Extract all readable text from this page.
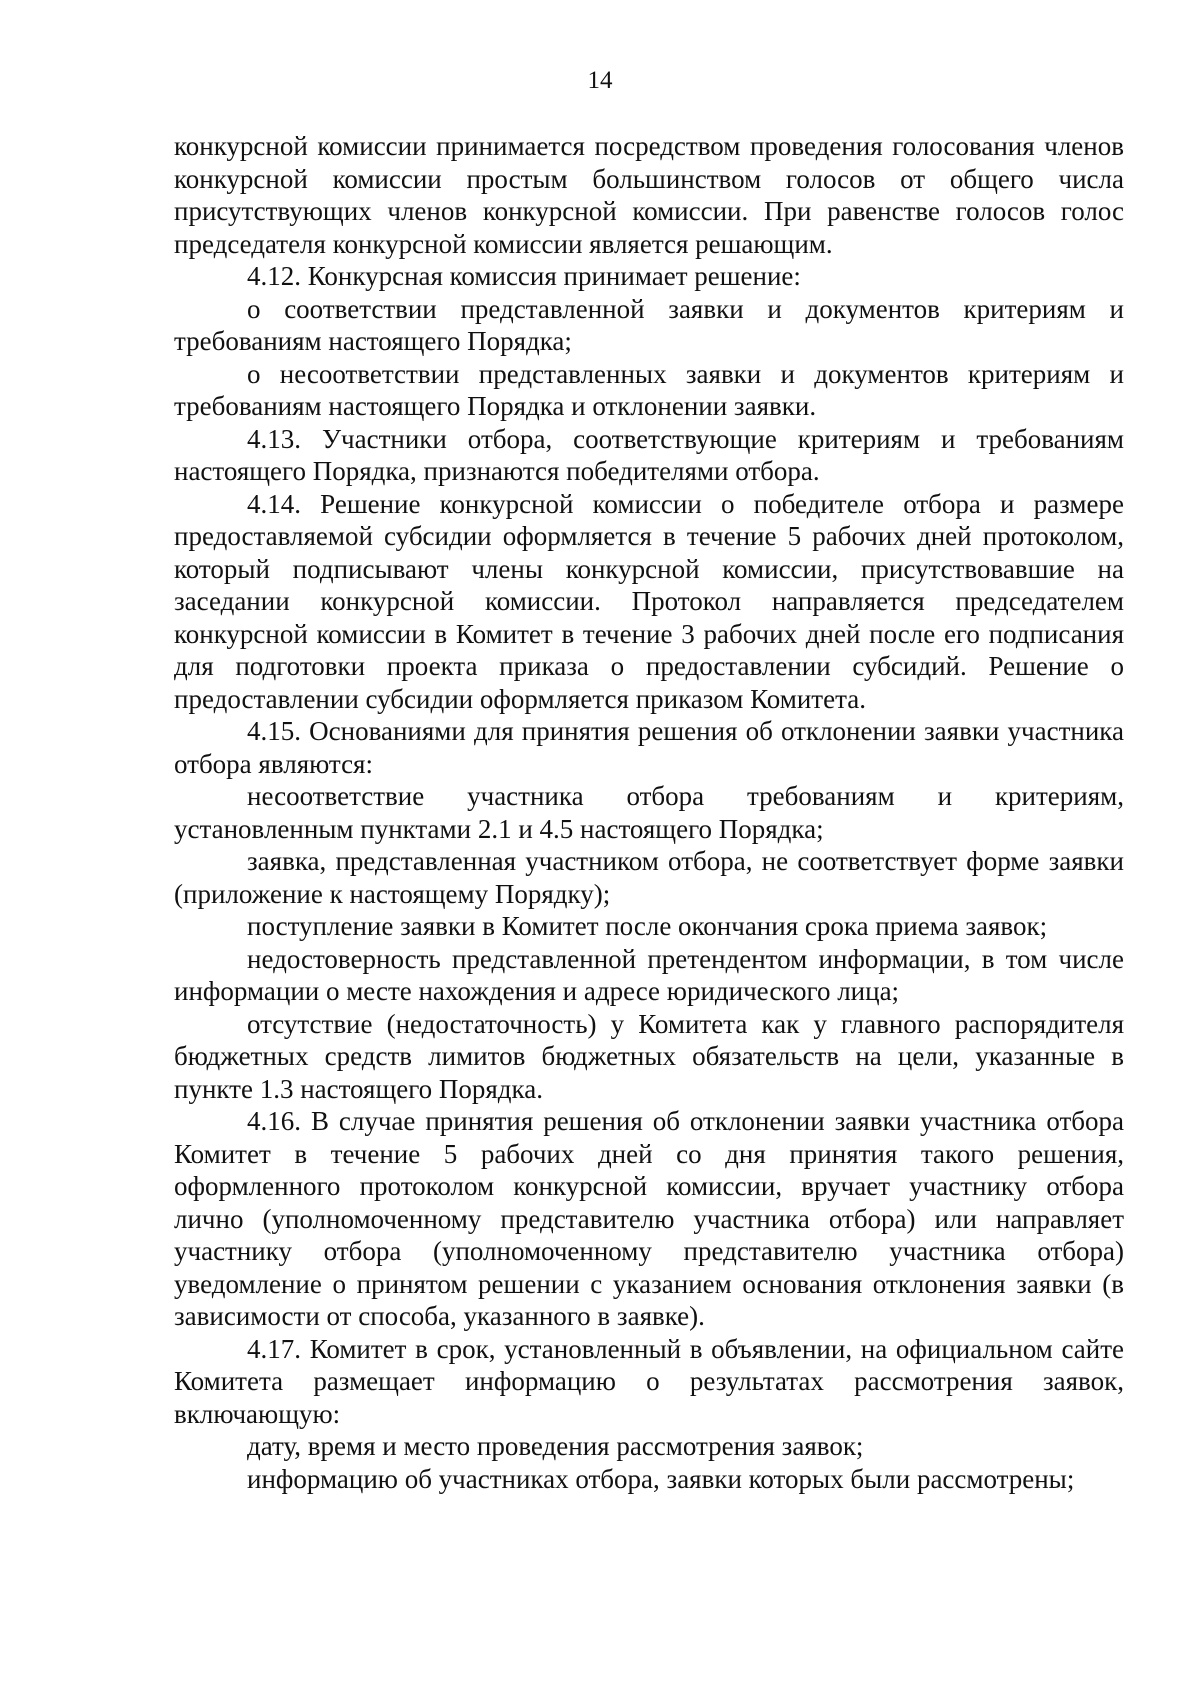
14

конкурсной комиссии принимается посредством проведения голосования членов конкурсной комиссии простым большинством голосов от общего числа присутствующих членов конкурсной комиссии. При равенстве голосов голос председателя конкурсной комиссии является решающим.

4.12. Конкурсная комиссия принимает решение:

о соответствии представленной заявки и документов критериям и требованиям настоящего Порядка;

о несоответствии представленных заявки и документов критериям и требованиям настоящего Порядка и отклонении заявки.

4.13. Участники отбора, соответствующие критериям и требованиям настоящего Порядка, признаются победителями отбора.

4.14. Решение конкурсной комиссии о победителе отбора и размере предоставляемой субсидии оформляется в течение 5 рабочих дней протоколом, который подписывают члены конкурсной комиссии, присутствовавшие на заседании конкурсной комиссии. Протокол направляется председателем конкурсной комиссии в Комитет в течение 3 рабочих дней после его подписания для подготовки проекта приказа о предоставлении субсидий. Решение о предоставлении субсидии оформляется приказом Комитета.

4.15. Основаниями для принятия решения об отклонении заявки участника отбора являются:

несоответствие участника отбора требованиям и критериям, установленным пунктами 2.1 и 4.5 настоящего Порядка;

заявка, представленная участником отбора, не соответствует форме заявки (приложение к настоящему Порядку);

поступление заявки в Комитет после окончания срока приема заявок;

недостоверность представленной претендентом информации, в том числе информации о месте нахождения и адресе юридического лица;

отсутствие (недостаточность) у Комитета как у главного распорядителя бюджетных средств лимитов бюджетных обязательств на цели, указанные в пункте 1.3 настоящего Порядка.

4.16. В случае принятия решения об отклонении заявки участника отбора Комитет в течение 5 рабочих дней со дня принятия такого решения, оформленного протоколом конкурсной комиссии, вручает участнику отбора лично (уполномоченному представителю участника отбора) или направляет участнику отбора (уполномоченному представителю участника отбора) уведомление о принятом решении с указанием основания отклонения заявки (в зависимости от способа, указанного в заявке).

4.17. Комитет в срок, установленный в объявлении, на официальном сайте Комитета размещает информацию о результатах рассмотрения заявок, включающую:

дату, время и место проведения рассмотрения заявок;

информацию об участниках отбора, заявки которых были рассмотрены;
